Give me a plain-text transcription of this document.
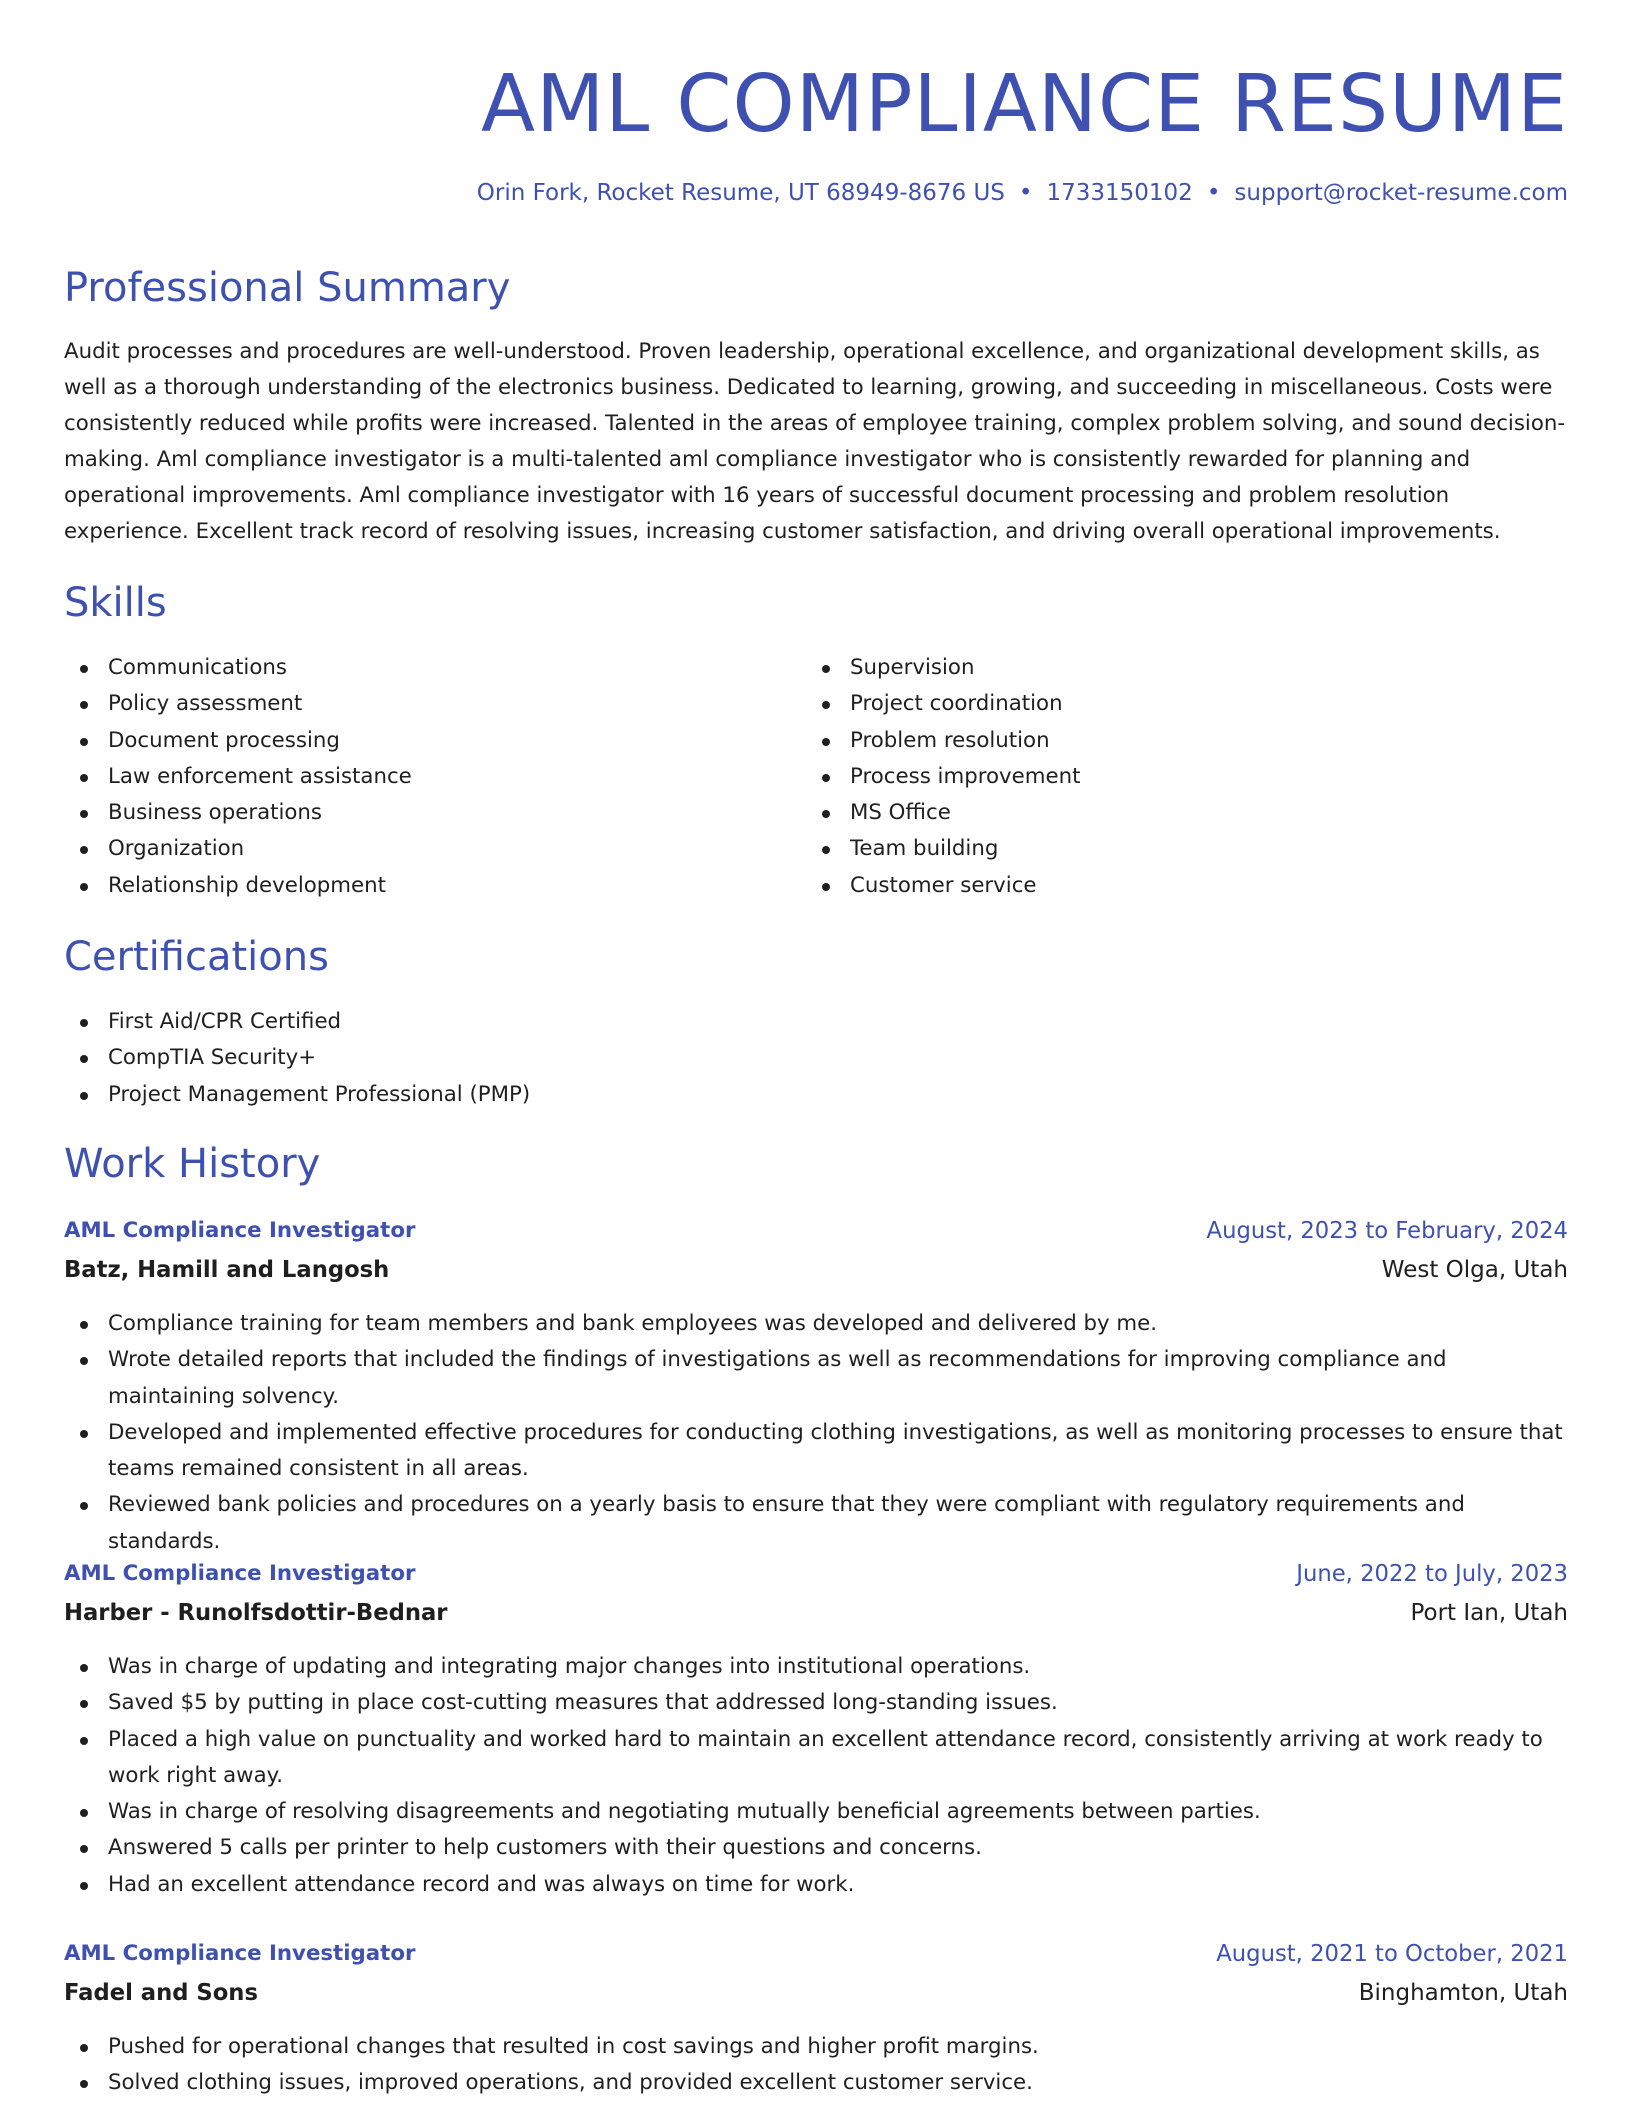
AML COMPLIANCE RESUME
Orin Fork, Rocket Resume, UT 68949-8676 US • 1733150102 • support@rocket-resume.com
Professional Summary

Audit processes and procedures are well-understood. Proven leadership, operational excellence, and organizational development skills, as well as a thorough understanding of the electronics business. Dedicated to learning, growing, and succeeding in miscellaneous. Costs were consistently reduced while profits were increased. Talented in the areas of employee training, complex problem solving, and sound decision-making. Aml compliance investigator is a multi-talented aml compliance investigator who is consistently rewarded for planning and operational improvements. Aml compliance investigator with 16 years of successful document processing and problem resolution experience. Excellent track record of resolving issues, increasing customer satisfaction, and driving overall operational improvements.

Skills
Communications
Policy assessment
Document processing
Law enforcement assistance
Business operations
Organization
Relationship development
Supervision
Project coordination
Problem resolution
Process improvement
MS Office
Team building
Customer service
Certifications
First Aid/CPR Certified
CompTIA Security+
Project Management Professional (PMP)
Work History
AML Compliance Investigator	August, 2023 to February, 2024
Batz, Hamill and Langosh	West Olga, Utah
Compliance training for team members and bank employees was developed and delivered by me.
Wrote detailed reports that included the findings of investigations as well as recommendations for improving compliance and maintaining solvency.
Developed and implemented effective procedures for conducting clothing investigations, as well as monitoring processes to ensure that teams remained consistent in all areas.
Reviewed bank policies and procedures on a yearly basis to ensure that they were compliant with regulatory requirements and standards.
AML Compliance Investigator	June, 2022 to July, 2023
Harber - Runolfsdottir-Bednar	Port Ian, Utah
Was in charge of updating and integrating major changes into institutional operations.
Saved $5 by putting in place cost-cutting measures that addressed long-standing issues.
Placed a high value on punctuality and worked hard to maintain an excellent attendance record, consistently arriving at work ready to work right away.
Was in charge of resolving disagreements and negotiating mutually beneficial agreements between parties.
Answered 5 calls per printer to help customers with their questions and concerns.
Had an excellent attendance record and was always on time for work.
AML Compliance Investigator	August, 2021 to October, 2021
Fadel and Sons	Binghamton, Utah
Pushed for operational changes that resulted in cost savings and higher profit margins.
Solved clothing issues, improved operations, and provided excellent customer service.
